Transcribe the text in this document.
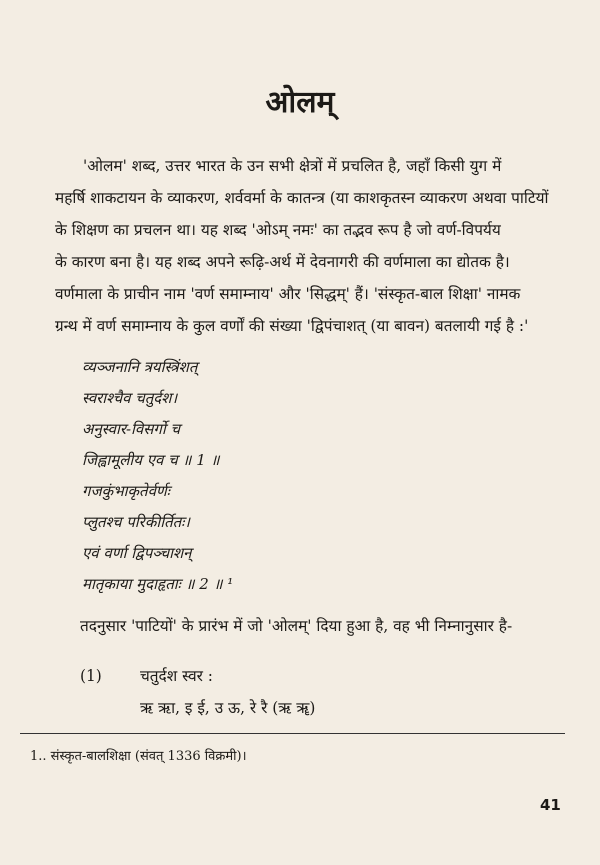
ओलम्
'ओलम' शब्द, उत्तर भारत के उन सभी क्षेत्रों में प्रचलित है, जहाँ किसी युग में
महर्षि शाकटायन के व्याकरण, शर्ववर्मा के कातन्त्र (या काशकृतस्न व्याकरण अथवा पाटियों
के शिक्षण का प्रचलन था। यह शब्द 'ओऽम् नमः' का तद्भव रूप है जो वर्ण-विपर्यय
के कारण बना है। यह शब्द अपने रूढ़ि-अर्थ में देवनागरी की वर्णमाला का द्योतक है।
वर्णमाला के प्राचीन नाम 'वर्ण समाम्नाय' और 'सिद्धम्' हैं। 'संस्कृत-बाल शिक्षा' नामक
ग्रन्थ में वर्ण समाम्नाय के कुल वर्णों की संख्या 'द्विपंचाशत् (या बावन) बतलायी गई है :'
व्यञ्जनानि त्रयस्त्रिंशत्
स्वराश्चैव चतुर्दश।
अनुस्वार-विसर्गो च
जिह्वामूलीय एव च ॥ 1 ॥
गजकुंभाकृतेर्वर्णः
प्लुतश्च परिकीर्तितः।
एवं वर्णा द्विपञ्चाशन्
मातृकाया मुदाहृताः ॥ 2 ॥ ¹
तदनुसार 'पाटियों' के प्रारंभ में जो 'ओलम्' दिया हुआ है, वह भी निम्नानुसार है-
(1) चतुर्दश स्वर :
ऋ ऋा, इ ई, उ ऊ, रे रै (ऋ ॠ)
1.. संस्कृत-बालशिक्षा (संवत् 1336 विक्रमी)।
41
